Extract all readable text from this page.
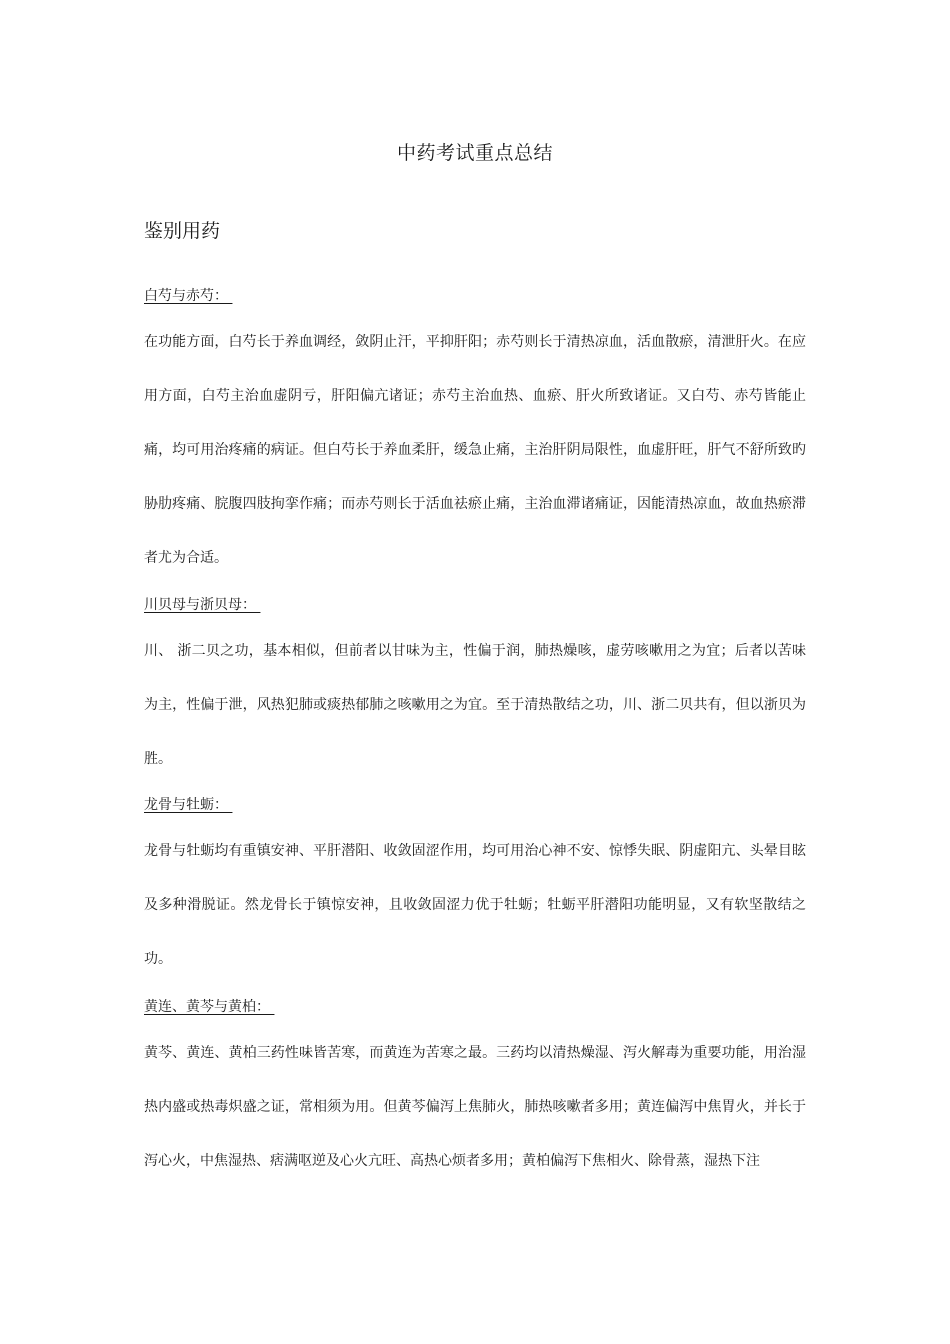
中药考试重点总结
鉴别用药

白芍与赤芍：

在功能方面，白芍长于养血调经，敛阴止汗，平抑肝阳；赤芍则长于清热凉血，活血散瘀，清泄肝火。在应用方面，白芍主治血虚阴亏，肝阳偏亢诸证；赤芍主治血热、血瘀、肝火所致诸证。又白芍、赤芍皆能止痛，均可用治疼痛的病证。但白芍长于养血柔肝，缓急止痛，主治肝阴局限性，血虚肝旺，肝气不舒所致旳胁肋疼痛、脘腹四肢拘挛作痛；而赤芍则长于活血祛瘀止痛，主治血滞诸痛证，因能清热凉血，故血热瘀滞者尤为合适。

川贝母与浙贝母：

川、 浙二贝之功，基本相似，但前者以甘味为主，性偏于润，肺热燥咳，虚劳咳嗽用之为宜；后者以苦味为主，性偏于泄，风热犯肺或痰热郁肺之咳嗽用之为宜。至于清热散结之功，川、浙二贝共有，但以浙贝为胜。

龙骨与牡蛎：

龙骨与牡蛎均有重镇安神、平肝潜阳、收敛固涩作用，均可用治心神不安、惊悸失眠、阴虚阳亢、头晕目眩及多种滑脱证。然龙骨长于镇惊安神，且收敛固涩力优于牡蛎；牡蛎平肝潜阳功能明显，又有软坚散结之功。

黄连、黄芩与黄柏：

黄芩、黄连、黄柏三药性味皆苦寒，而黄连为苦寒之最。三药均以清热燥湿、泻火解毒为重要功能，用治湿热内盛或热毒炽盛之证，常相须为用。但黄芩偏泻上焦肺火，肺热咳嗽者多用；黄连偏泻中焦胃火，并长于泻心火，中焦湿热、痞满呕逆及心火亢旺、高热心烦者多用；黄柏偏泻下焦相火、除骨蒸，湿热下注
